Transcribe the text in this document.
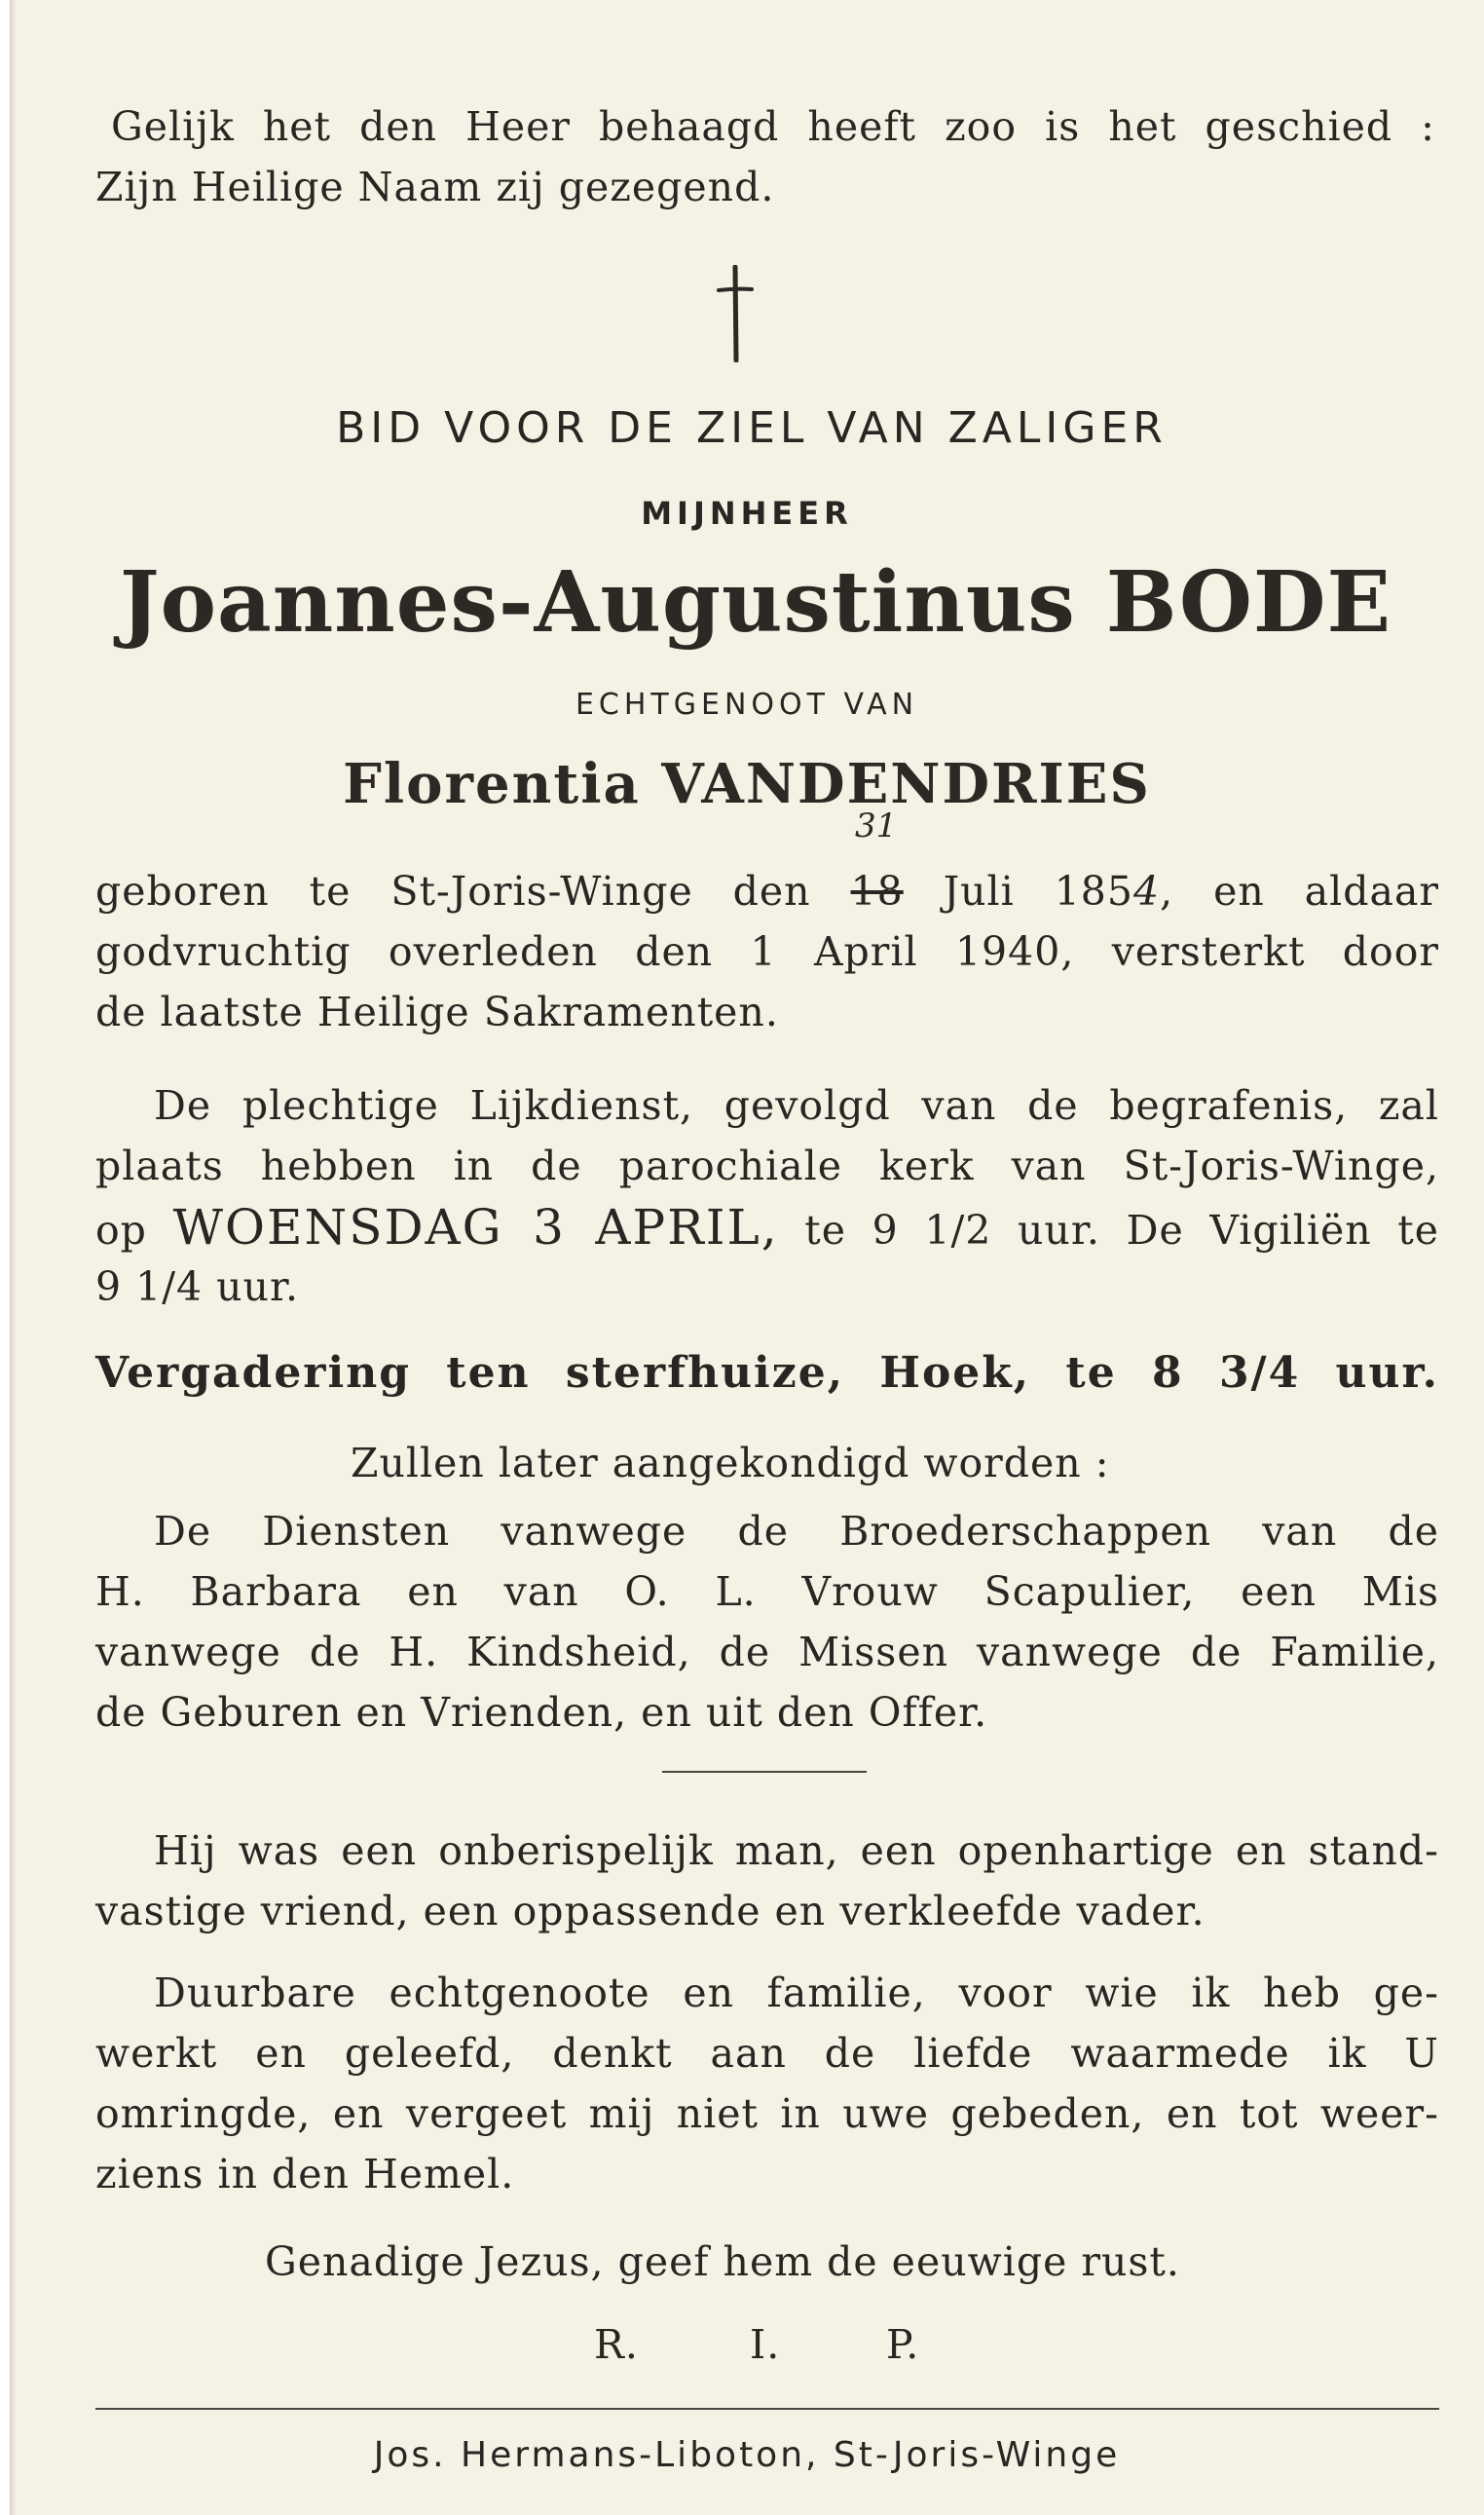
Gelijk het den Heer behaagd heeft zoo is het geschied :

Zijn Heilige Naam zij gezegend.

BID VOOR DE ZIEL VAN ZALIGER

MIJNHEER

Joannes-Augustinus BODE

ECHTGENOOT VAN

Florentia VANDENDRIES

31

geboren te St-Joris-Winge den 18 Juli 1854, en aldaar

godvruchtig overleden den 1 April 1940, versterkt door

de laatste Heilige Sakramenten.

De plechtige Lijkdienst, gevolgd van de begrafenis, zal

plaats hebben in de parochiale kerk van St-Joris-Winge,

op WOENSDAG 3 APRIL, te 9 1/2 uur. De Vigiliën te

9 1/4 uur.

Vergadering ten sterfhuize, Hoek, te 8 3/4 uur.

Zullen later aangekondigd worden :

De Diensten vanwege de Broederschappen van de

H. Barbara en van O. L. Vrouw Scapulier, een Mis

vanwege de H. Kindsheid, de Missen vanwege de Familie,

de Geburen en Vrienden, en uit den Offer.

Hij was een onberispelijk man, een openhartige en stand-

vastige vriend, een oppassende en verkleefde vader.

Duurbare echtgenoote en familie, voor wie ik heb ge-

werkt en geleefd, denkt aan de liefde waarmede ik U

omringde, en vergeet mij niet in uwe gebeden, en tot weer-

ziens in den Hemel.

Genadige Jezus, geef hem de eeuwige rust.

R.	I.	P.

Jos. Hermans-Liboton, St-Joris-Winge
